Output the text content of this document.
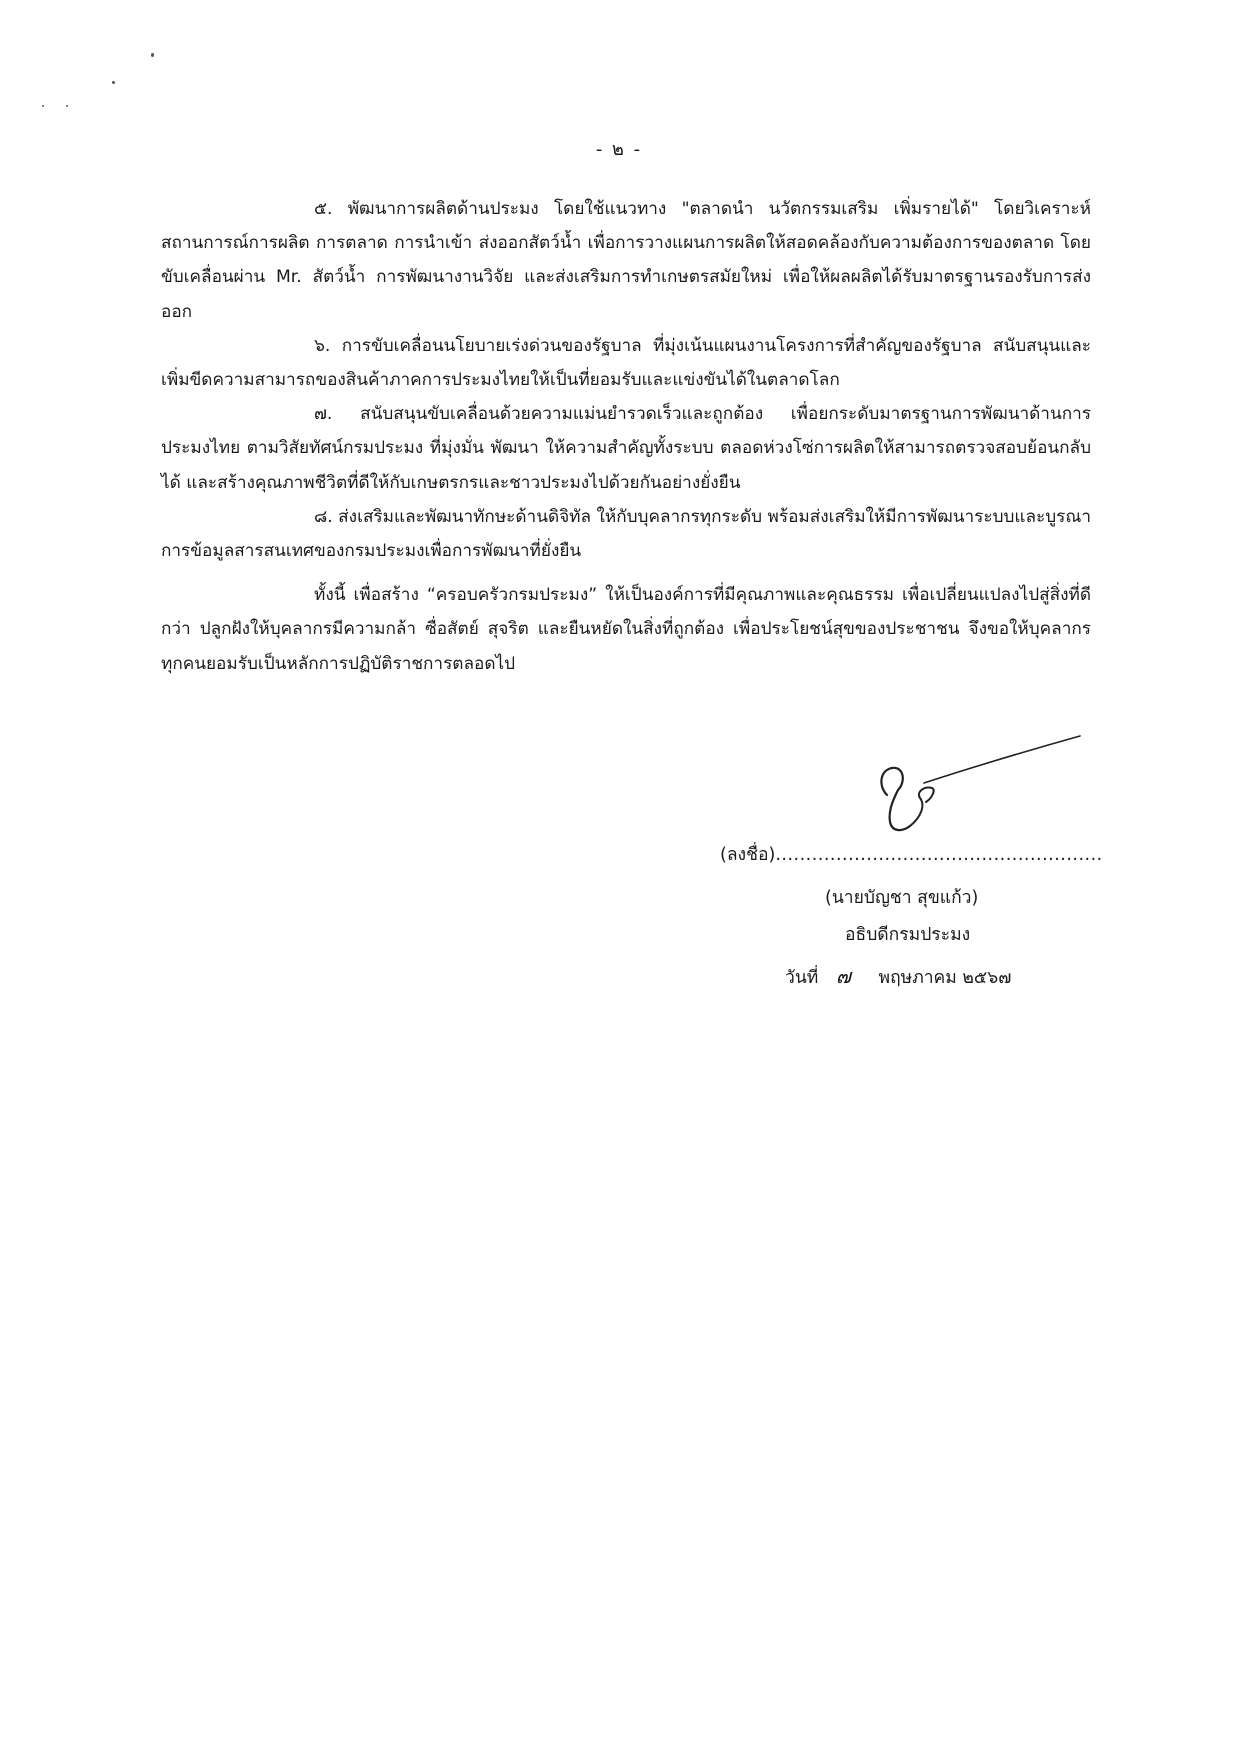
- ๒ -

๕. พัฒนาการผลิตด้านประมง โดยใช้แนวทาง "ตลาดนำ นวัตกรรมเสริม เพิ่มรายได้" โดยวิเคราะห์สถานการณ์การผลิต การตลาด การนำเข้า ส่งออกสัตว์น้ำ เพื่อการวางแผนการผลิตให้สอดคล้องกับความต้องการของตลาด โดยขับเคลื่อนผ่าน Mr. สัตว์น้ำ การพัฒนางานวิจัย และส่งเสริมการทำเกษตรสมัยใหม่ เพื่อให้ผลผลิตได้รับมาตรฐานรองรับการส่งออก

๖. การขับเคลื่อนนโยบายเร่งด่วนของรัฐบาล ที่มุ่งเน้นแผนงานโครงการที่สำคัญของรัฐบาล สนับสนุนและเพิ่มขีดความสามารถของสินค้าภาคการประมงไทยให้เป็นที่ยอมรับและแข่งขันได้ในตลาดโลก

๗. สนับสนุนขับเคลื่อนด้วยความแม่นยำรวดเร็วและถูกต้อง เพื่อยกระดับมาตรฐานการพัฒนาด้านการประมงไทย ตามวิสัยทัศน์กรมประมง ที่มุ่งมั่น พัฒนา ให้ความสำคัญทั้งระบบ ตลอดห่วงโซ่การผลิตให้สามารถตรวจสอบย้อนกลับได้ และสร้างคุณภาพชีวิตที่ดีให้กับเกษตรกรและชาวประมงไปด้วยกันอย่างยั่งยืน

๘. ส่งเสริมและพัฒนาทักษะด้านดิจิทัล ให้กับบุคลากรทุกระดับ พร้อมส่งเสริมให้มีการพัฒนาระบบและบูรณาการข้อมูลสารสนเทศของกรมประมงเพื่อการพัฒนาที่ยั่งยืน

ทั้งนี้ เพื่อสร้าง “ครอบครัวกรมประมง” ให้เป็นองค์การที่มีคุณภาพและคุณธรรม เพื่อเปลี่ยนแปลงไปสู่สิ่งที่ดีกว่า ปลูกฝังให้บุคลากรมีความกล้า ซื่อสัตย์ สุจริต และยืนหยัดในสิ่งที่ถูกต้อง เพื่อประโยชน์สุขของประชาชน จึงขอให้บุคลากรทุกคนยอมรับเป็นหลักการปฏิบัติราชการตลอดไป

(ลงชื่อ)......................................................
(นายบัญชา สุขแก้ว)
อธิบดีกรมประมง
วันที่ ๗ พฤษภาคม ๒๕๖๗
